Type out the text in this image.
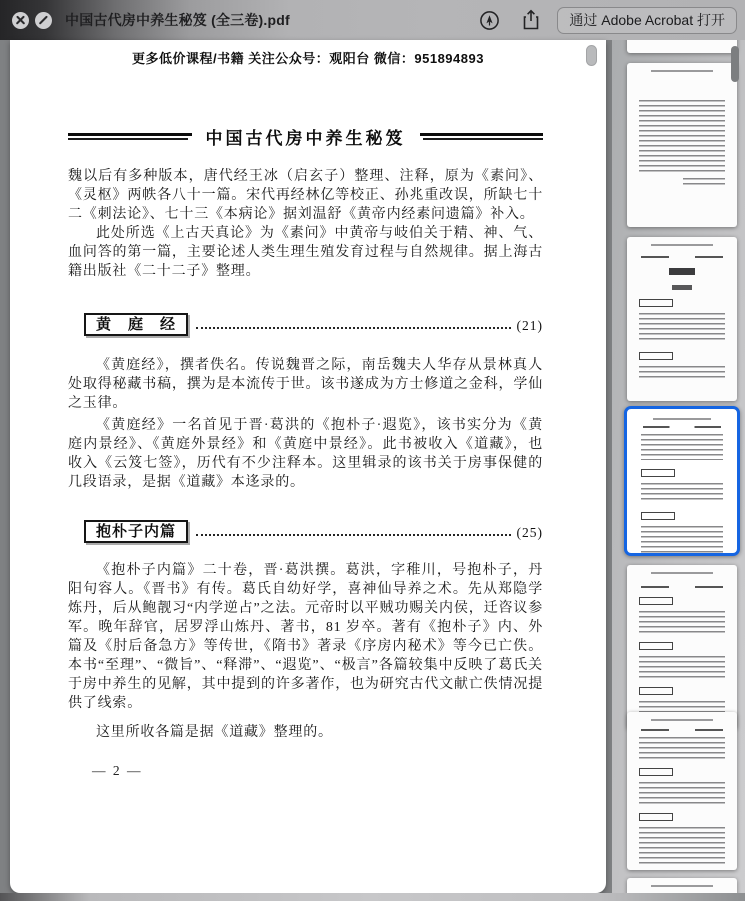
中国古代房中养生秘笈 (全三卷).pdf	通过 Adobe Acrobat 打开
更多低价课程/书籍 关注公众号：观阳台 微信：951894893
中国古代房中养生秘笈
魏以后有多种版本，唐代经王冰（启玄子）整理、注释，原为《素问》、《灵枢》两帙各八十一篇。宋代再经林亿等校正、孙兆重改误，所缺七十二《刺法论》、七十三《本病论》据刘温舒《黄帝内经素问遗篇》补入。
此处所选《上古天真论》为《素问》中黄帝与岐伯关于精、神、气、血问答的第一篇，主要论述人类生理生殖发育过程与自然规律。据上海古籍出版社《二十二子》整理。
黄　庭　经	(21)
《黄庭经》，撰者佚名。传说魏晋之际，南岳魏夫人华存从景林真人处取得秘藏书稿，撰为是本流传于世。该书遂成为方士修道之金科，学仙之玉律。
《黄庭经》一名首见于晋·葛洪的《抱朴子·遐览》，该书实分为《黄庭内景经》、《黄庭外景经》和《黄庭中景经》。此书被收入《道藏》，也收入《云笈七签》，历代有不少注释本。这里辑录的该书关于房事保健的几段语录，是据《道藏》本迻录的。
抱朴子内篇	(25)
《抱朴子内篇》二十卷，晋·葛洪撰。葛洪，字稚川，号抱朴子，丹阳句容人。《晋书》有传。葛氏自幼好学，喜神仙导养之术。先从郑隐学炼丹，后从鲍靓习“内学逆占”之法。元帝时以平贼功赐关内侯，迁咨议参军。晚年辞官，居罗浮山炼丹、著书，81 岁卒。著有《抱朴子》内、外篇及《肘后备急方》等传世，《隋书》著录《序房内秘术》等今已亡佚。本书“至理”、“微旨”、“释滞”、“遐览”、“极言”各篇较集中反映了葛氏关于房中养生的见解，其中提到的许多著作，也为研究古代文献亡佚情况提供了线索。
这里所收各篇是据《道藏》整理的。
— 2 —
